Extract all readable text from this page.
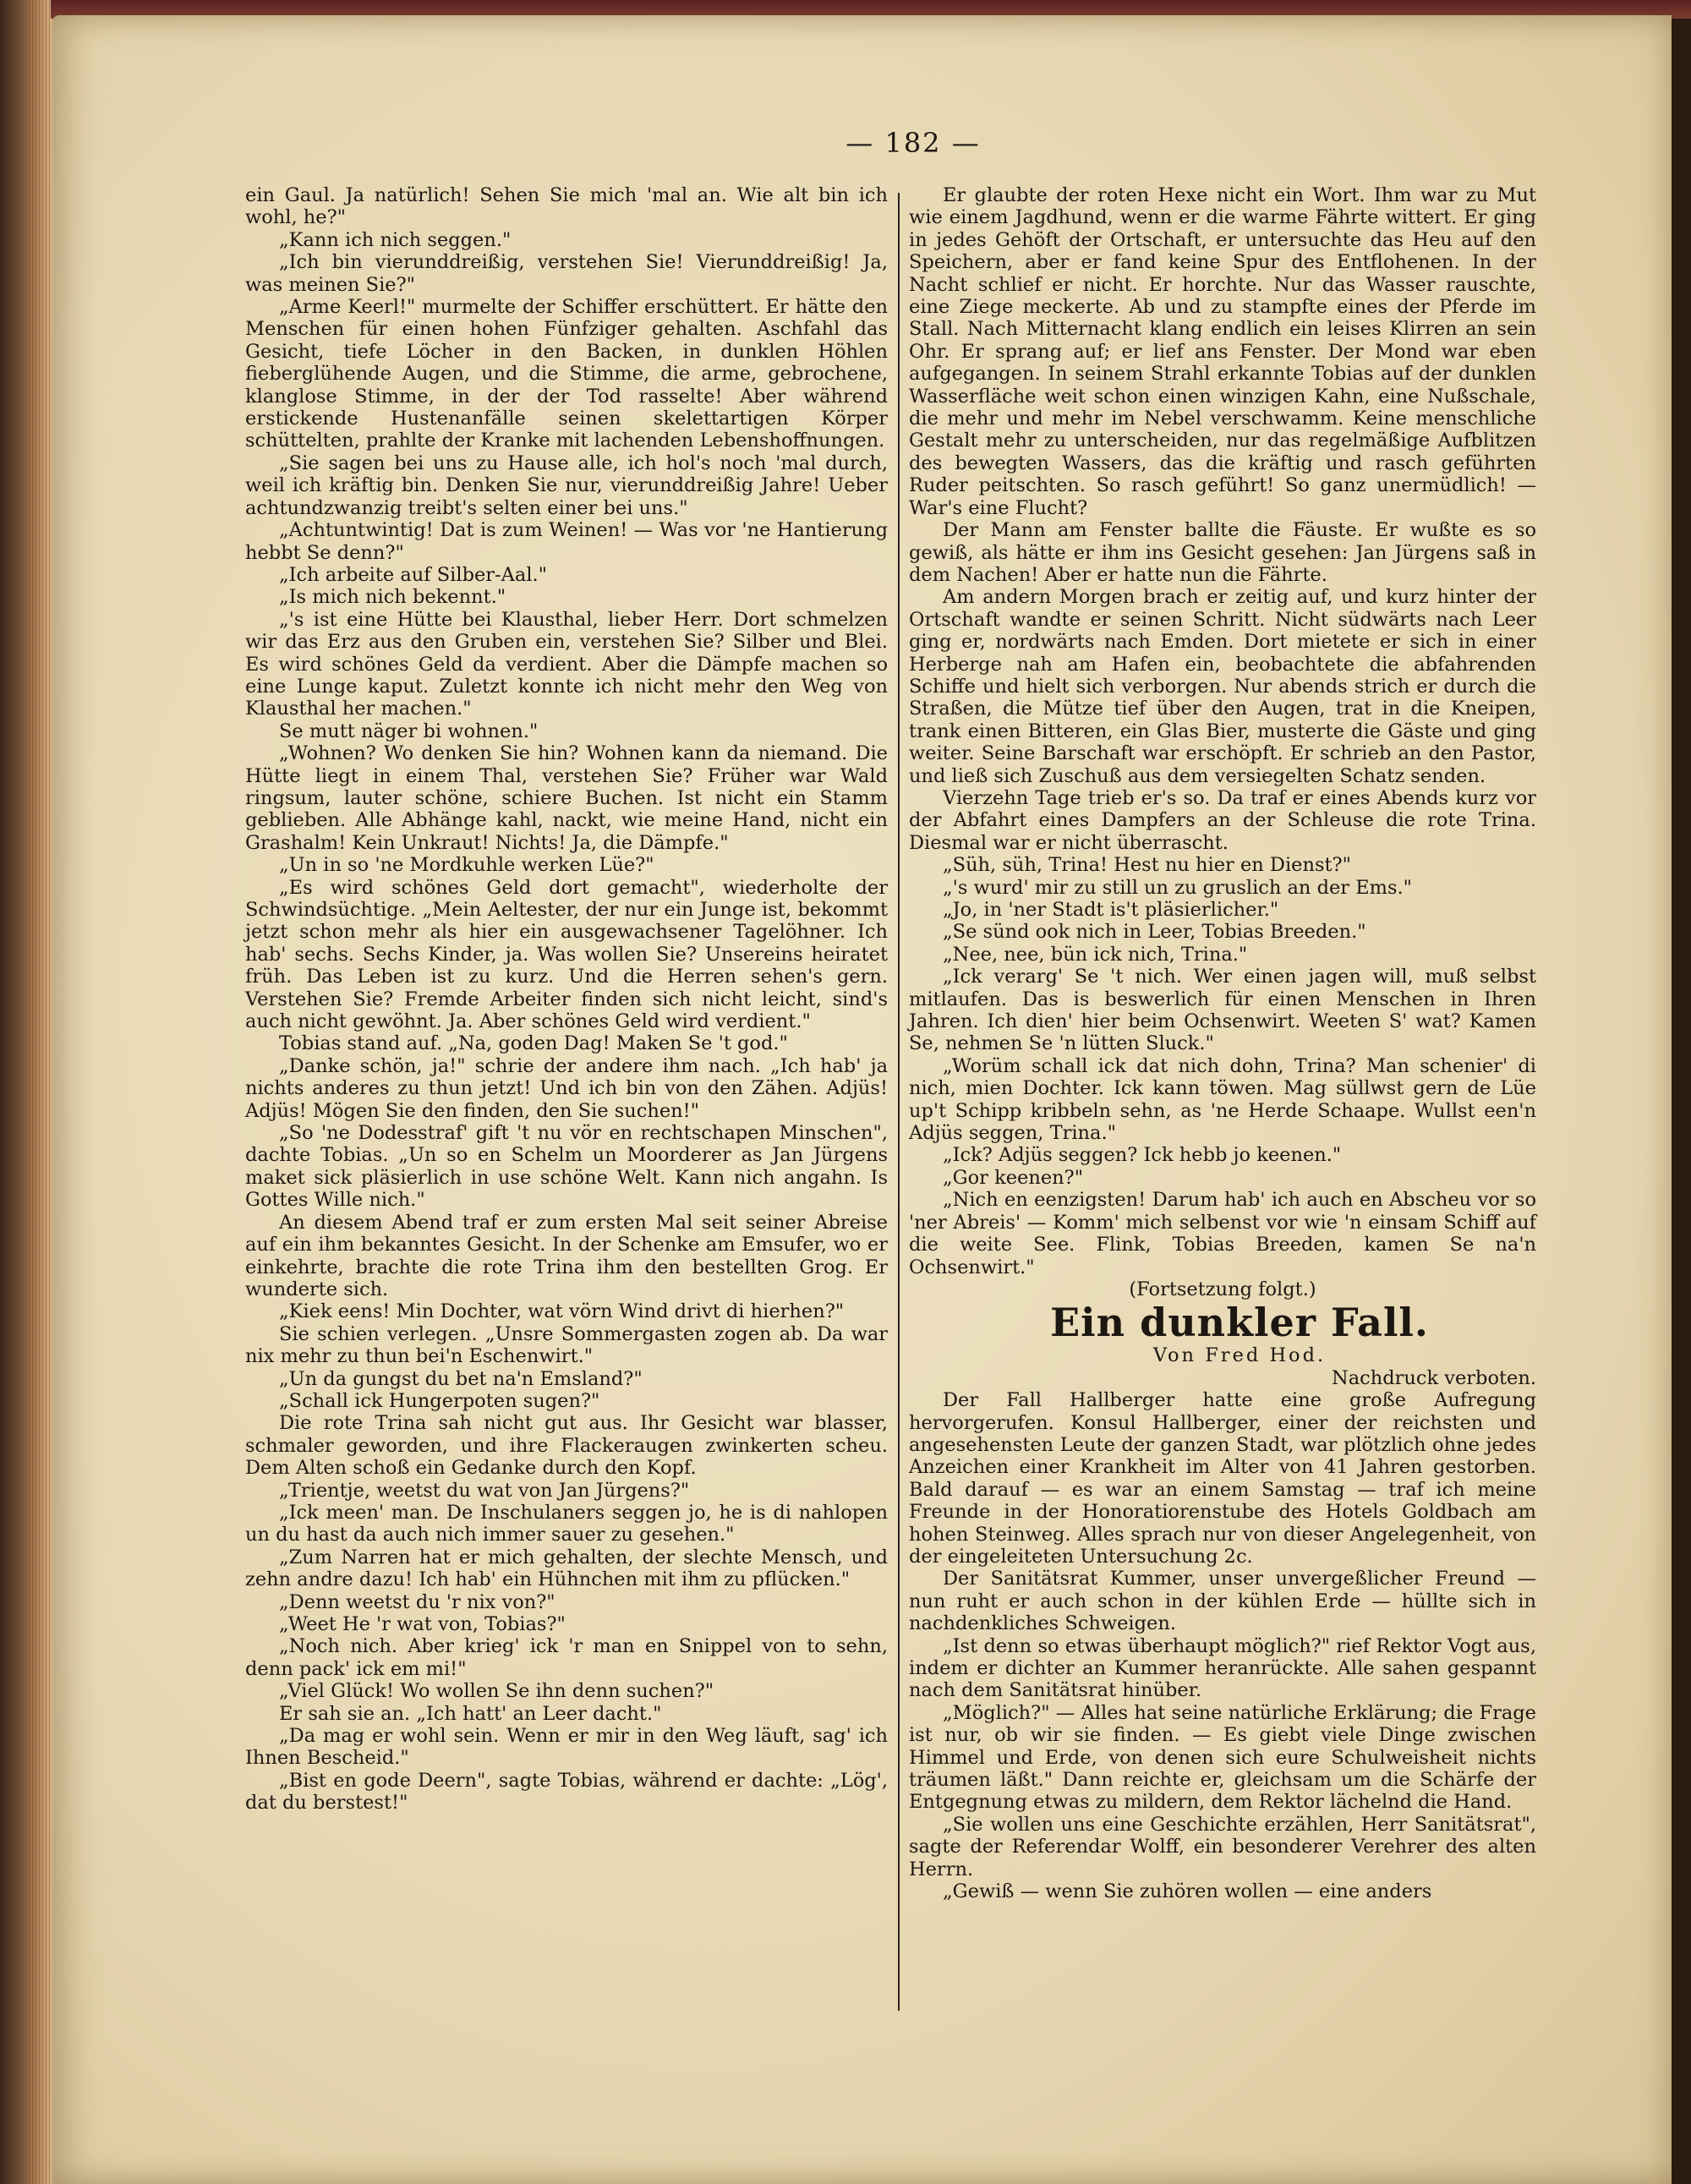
— 182 —

ein Gaul. Ja natürlich! Sehen Sie mich 'mal an. Wie alt bin ich wohl, he?"

„Kann ich nich seggen."

„Ich bin vierunddreißig, verstehen Sie! Vierunddreißig! Ja, was meinen Sie?"

„Arme Keerl!" murmelte der Schiffer erschüttert. Er hätte den Menschen für einen hohen Fünfziger gehalten. Aschfahl das Gesicht, tiefe Löcher in den Backen, in dunklen Höhlen fieberglühende Augen, und die Stimme, die arme, gebrochene, klanglose Stimme, in der der Tod rasselte! Aber während erstickende Hustenanfälle seinen skelettartigen Körper schüttelten, prahlte der Kranke mit lachenden Lebenshoffnungen.

„Sie sagen bei uns zu Hause alle, ich hol's noch 'mal durch, weil ich kräftig bin. Denken Sie nur, vierunddreißig Jahre! Ueber achtundzwanzig treibt's selten einer bei uns."

„Achtuntwintig! Dat is zum Weinen! — Was vor 'ne Hantierung hebbt Se denn?"

„Ich arbeite auf Silber-Aal."

„Is mich nich bekennt."

„'s ist eine Hütte bei Klausthal, lieber Herr. Dort schmelzen wir das Erz aus den Gruben ein, verstehen Sie? Silber und Blei. Es wird schönes Geld da verdient. Aber die Dämpfe machen so eine Lunge kaput. Zuletzt konnte ich nicht mehr den Weg von Klausthal her machen."

Se mutt näger bi wohnen."

„Wohnen? Wo denken Sie hin? Wohnen kann da niemand. Die Hütte liegt in einem Thal, verstehen Sie? Früher war Wald ringsum, lauter schöne, schiere Buchen. Ist nicht ein Stamm geblieben. Alle Abhänge kahl, nackt, wie meine Hand, nicht ein Grashalm! Kein Unkraut! Nichts! Ja, die Dämpfe."

„Un in so 'ne Mordkuhle werken Lüe?"

„Es wird schönes Geld dort gemacht", wiederholte der Schwindsüchtige. „Mein Aeltester, der nur ein Junge ist, bekommt jetzt schon mehr als hier ein ausgewachsener Tagelöhner. Ich hab' sechs. Sechs Kinder, ja. Was wollen Sie? Unsereins heiratet früh. Das Leben ist zu kurz. Und die Herren sehen's gern. Verstehen Sie? Fremde Arbeiter finden sich nicht leicht, sind's auch nicht gewöhnt. Ja. Aber schönes Geld wird verdient."

Tobias stand auf. „Na, goden Dag! Maken Se 't god."

„Danke schön, ja!" schrie der andere ihm nach. „Ich hab' ja nichts anderes zu thun jetzt! Und ich bin von den Zähen. Adjüs! Adjüs! Mögen Sie den finden, den Sie suchen!"

„So 'ne Dodesstraf' gift 't nu vör en rechtschapen Minschen", dachte Tobias. „Un so en Schelm un Moorderer as Jan Jürgens maket sick pläsierlich in use schöne Welt. Kann nich angahn. Is Gottes Wille nich."

An diesem Abend traf er zum ersten Mal seit seiner Abreise auf ein ihm bekanntes Gesicht. In der Schenke am Emsufer, wo er einkehrte, brachte die rote Trina ihm den bestellten Grog. Er wunderte sich.

„Kiek eens! Min Dochter, wat vörn Wind drivt di hierhen?"

Sie schien verlegen. „Unsre Sommergasten zogen ab. Da war nix mehr zu thun bei'n Eschenwirt."

„Un da gungst du bet na'n Emsland?"

„Schall ick Hungerpoten sugen?"

Die rote Trina sah nicht gut aus. Ihr Gesicht war blasser, schmaler geworden, und ihre Flackeraugen zwinkerten scheu. Dem Alten schoß ein Gedanke durch den Kopf.

„Trientje, weetst du wat von Jan Jürgens?"

„Ick meen' man. De Inschulaners seggen jo, he is di nahlopen un du hast da auch nich immer sauer zu gesehen."

„Zum Narren hat er mich gehalten, der slechte Mensch, und zehn andre dazu! Ich hab' ein Hühnchen mit ihm zu pflücken."

„Denn weetst du 'r nix von?"

„Weet He 'r wat von, Tobias?"

„Noch nich. Aber krieg' ick 'r man en Snippel von to sehn, denn pack' ick em mi!"

„Viel Glück! Wo wollen Se ihn denn suchen?"

Er sah sie an. „Ich hatt' an Leer dacht."

„Da mag er wohl sein. Wenn er mir in den Weg läuft, sag' ich Ihnen Bescheid."

„Bist en gode Deern", sagte Tobias, während er dachte: „Lög', dat du berstest!"

Er glaubte der roten Hexe nicht ein Wort. Ihm war zu Mut wie einem Jagdhund, wenn er die warme Fährte wittert. Er ging in jedes Gehöft der Ortschaft, er untersuchte das Heu auf den Speichern, aber er fand keine Spur des Entflohenen. In der Nacht schlief er nicht. Er horchte. Nur das Wasser rauschte, eine Ziege meckerte. Ab und zu stampfte eines der Pferde im Stall. Nach Mitternacht klang endlich ein leises Klirren an sein Ohr. Er sprang auf; er lief ans Fenster. Der Mond war eben aufgegangen. In seinem Strahl erkannte Tobias auf der dunklen Wasserfläche weit schon einen winzigen Kahn, eine Nußschale, die mehr und mehr im Nebel verschwamm. Keine menschliche Gestalt mehr zu unterscheiden, nur das regelmäßige Aufblitzen des bewegten Wassers, das die kräftig und rasch geführten Ruder peitschten. So rasch geführt! So ganz unermüdlich! — War's eine Flucht?

Der Mann am Fenster ballte die Fäuste. Er wußte es so gewiß, als hätte er ihm ins Gesicht gesehen: Jan Jürgens saß in dem Nachen! Aber er hatte nun die Fährte.

Am andern Morgen brach er zeitig auf, und kurz hinter der Ortschaft wandte er seinen Schritt. Nicht südwärts nach Leer ging er, nordwärts nach Emden. Dort mietete er sich in einer Herberge nah am Hafen ein, beobachtete die abfahrenden Schiffe und hielt sich verborgen. Nur abends strich er durch die Straßen, die Mütze tief über den Augen, trat in die Kneipen, trank einen Bitteren, ein Glas Bier, musterte die Gäste und ging weiter. Seine Barschaft war erschöpft. Er schrieb an den Pastor, und ließ sich Zuschuß aus dem versiegelten Schatz senden.

Vierzehn Tage trieb er's so. Da traf er eines Abends kurz vor der Abfahrt eines Dampfers an der Schleuse die rote Trina. Diesmal war er nicht überrascht.

„Süh, süh, Trina! Hest nu hier en Dienst?"

„'s wurd' mir zu still un zu gruslich an der Ems."

„Jo, in 'ner Stadt is't pläsierlicher."

„Se sünd ook nich in Leer, Tobias Breeden."

„Nee, nee, bün ick nich, Trina."

„Ick verarg' Se 't nich. Wer einen jagen will, muß selbst mitlaufen. Das is beswerlich für einen Menschen in Ihren Jahren. Ich dien' hier beim Ochsenwirt. Weeten S' wat? Kamen Se, nehmen Se 'n lütten Sluck."

„Worüm schall ick dat nich dohn, Trina? Man schenier' di nich, mien Dochter. Ick kann töwen. Mag süllwst gern de Lüe up't Schipp kribbeln sehn, as 'ne Herde Schaape. Wullst een'n Adjüs seggen, Trina."

„Ick? Adjüs seggen? Ick hebb jo keenen."

„Gor keenen?"

„Nich en eenzigsten! Darum hab' ich auch en Abscheu vor so 'ner Abreis' — Komm' mich selbenst vor wie 'n einsam Schiff auf die weite See. Flink, Tobias Breeden, kamen Se na'n Ochsenwirt."

(Fortsetzung folgt.)

Ein dunkler Fall.

Von Fred Hod.

Nachdruck verboten.

Der Fall Hallberger hatte eine große Aufregung hervorgerufen. Konsul Hallberger, einer der reichsten und angesehensten Leute der ganzen Stadt, war plötzlich ohne jedes Anzeichen einer Krankheit im Alter von 41 Jahren gestorben. Bald darauf — es war an einem Samstag — traf ich meine Freunde in der Honoratiorenstube des Hotels Goldbach am hohen Steinweg. Alles sprach nur von dieser Angelegenheit, von der eingeleiteten Untersuchung 2c.

Der Sanitätsrat Kummer, unser unvergeßlicher Freund — nun ruht er auch schon in der kühlen Erde — hüllte sich in nachdenkliches Schweigen.

„Ist denn so etwas überhaupt möglich?" rief Rektor Vogt aus, indem er dichter an Kummer heranrückte. Alle sahen gespannt nach dem Sanitätsrat hinüber.

„Möglich?" — Alles hat seine natürliche Erklärung; die Frage ist nur, ob wir sie finden. — Es giebt viele Dinge zwischen Himmel und Erde, von denen sich eure Schulweisheit nichts träumen läßt." Dann reichte er, gleichsam um die Schärfe der Entgegnung etwas zu mildern, dem Rektor lächelnd die Hand.

„Sie wollen uns eine Geschichte erzählen, Herr Sanitätsrat", sagte der Referendar Wolff, ein besonderer Verehrer des alten Herrn.

„Gewiß — wenn Sie zuhören wollen — eine anders
